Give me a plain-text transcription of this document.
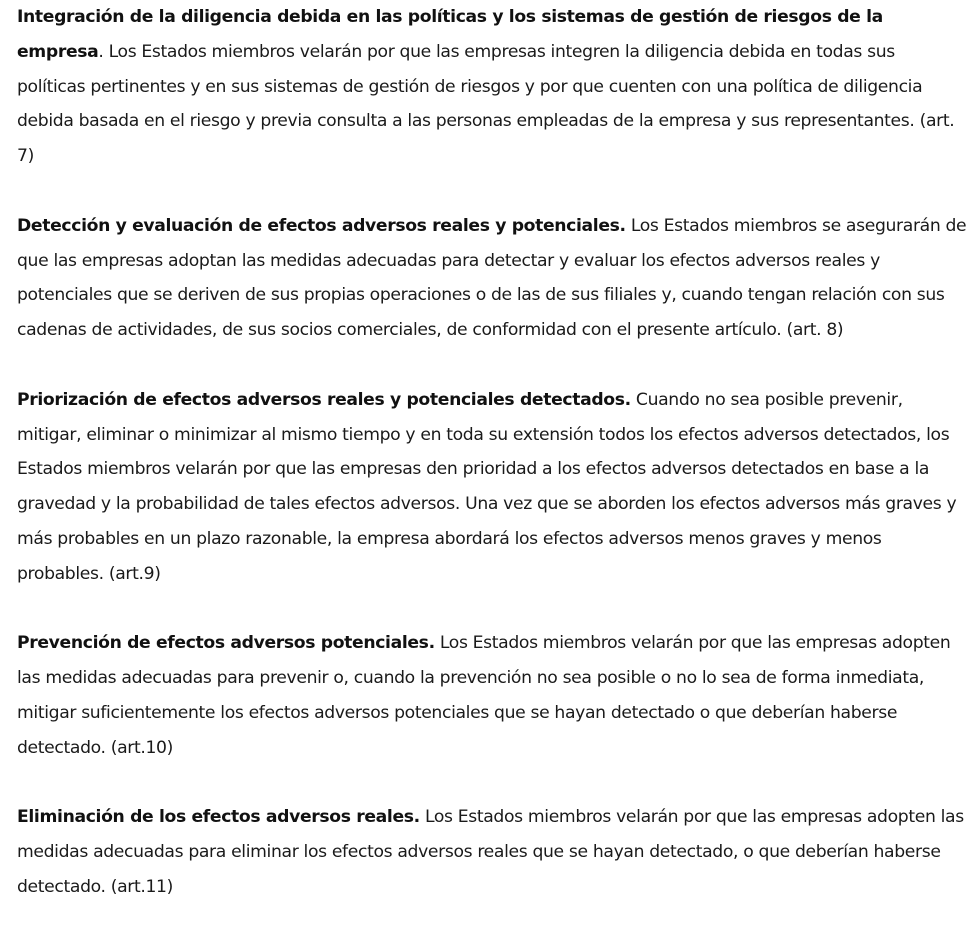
Integración de la diligencia debida en las políticas y los sistemas de gestión de riesgos de la empresa. Los Estados miembros velarán por que las empresas integren la diligencia debida en todas sus políticas pertinentes y en sus sistemas de gestión de riesgos y por que cuenten con una política de diligencia debida basada en el riesgo y previa consulta a las personas empleadas de la empresa y sus representantes. (art. 7)

Detección y evaluación de efectos adversos reales y potenciales. Los Estados miembros se asegurarán de que las empresas adoptan las medidas adecuadas para detectar y evaluar los efectos adversos reales y potenciales que se deriven de sus propias operaciones o de las de sus filiales y, cuando tengan relación con sus cadenas de actividades, de sus socios comerciales, de conformidad con el presente artículo. (art. 8)

Priorización de efectos adversos reales y potenciales detectados. Cuando no sea posible prevenir, mitigar, eliminar o minimizar al mismo tiempo y en toda su extensión todos los efectos adversos detectados, los Estados miembros velarán por que las empresas den prioridad a los efectos adversos detectados en base a la gravedad y la probabilidad de tales efectos adversos. Una vez que se aborden los efectos adversos más graves y más probables en un plazo razonable, la empresa abordará los efectos adversos menos graves y menos probables. (art.9)

Prevención de efectos adversos potenciales. Los Estados miembros velarán por que las empresas adopten las medidas adecuadas para prevenir o, cuando la prevención no sea posible o no lo sea de forma inmediata, mitigar suficientemente los efectos adversos potenciales que se hayan detectado o que deberían haberse detectado. (art.10)

Eliminación de los efectos adversos reales. Los Estados miembros velarán por que las empresas adopten las medidas adecuadas para eliminar los efectos adversos reales que se hayan detectado, o que deberían haberse detectado. (art.11)
